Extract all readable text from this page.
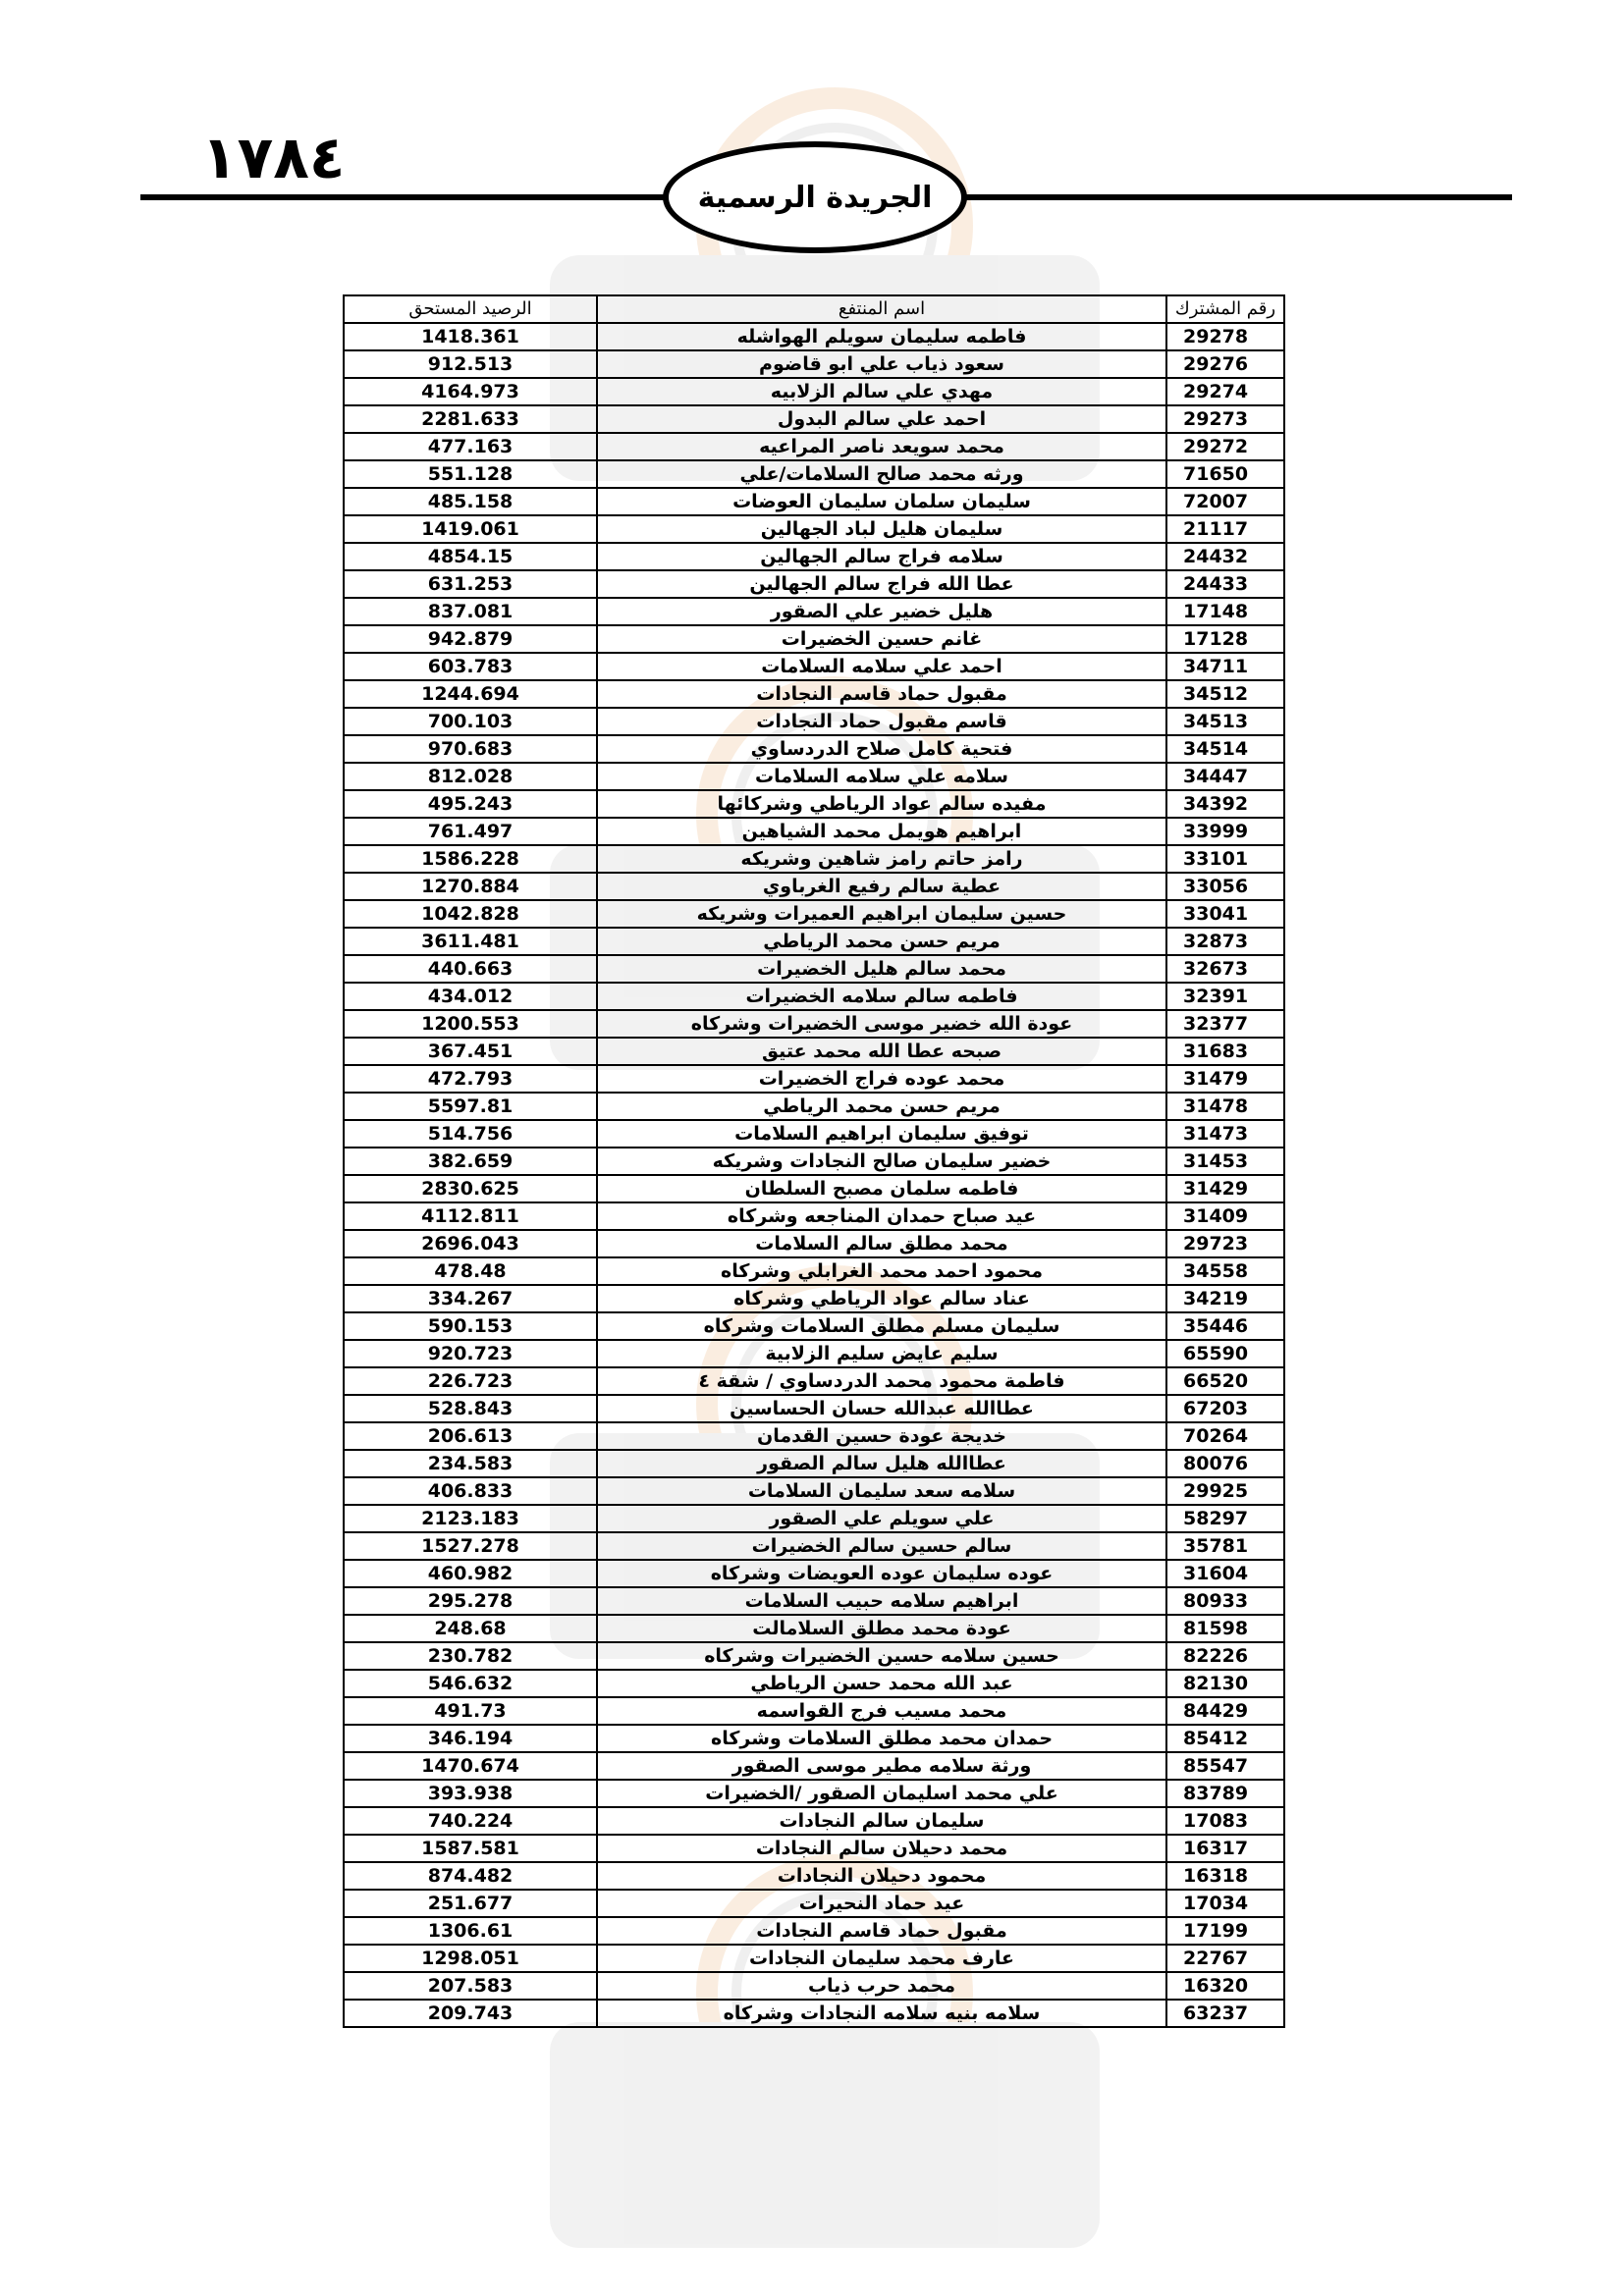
١٧٨٤
الجريدة الرسمية
الرصيد المستحق	اسم المنتفع	رقم المشترك
1418.361	فاطمه سليمان سويلم الهواشله	29278
912.513	سعود ذياب علي ابو قاضوم	29276
4164.973	مهدي علي سالم الزلابيه	29274
2281.633	احمد علي سالم البدول	29273
477.163	محمد سويعد ناصر المراعيه	29272
551.128	ورثه محمد صالح السلامات/علي	71650
485.158	سليمان سلمان سليمان العوضات	72007
1419.061	سليمان هليل لباد الجهالين	21117
4854.15	سلامه فراج سالم الجهالين	24432
631.253	عطا الله فراج سالم الجهالين	24433
837.081	هليل خضير علي الصقور	17148
942.879	غانم حسين الخضيرات	17128
603.783	احمد علي سلامه السلامات	34711
1244.694	مقبول حماد قاسم النجادات	34512
700.103	قاسم مقبول حماد النجادات	34513
970.683	فتحية كامل صلاح الدردساوي	34514
812.028	سلامه علي سلامه السلامات	34447
495.243	مفيده سالم عواد الرياطي وشركائها	34392
761.497	ابراهيم هويمل محمد الشياهين	33999
1586.228	رامز حاتم رامز شاهين وشريكه	33101
1270.884	عطية سالم رفيع الغرباوي	33056
1042.828	حسين سليمان ابراهيم العميرات وشريكه	33041
3611.481	مريم حسن محمد الرياطي	32873
440.663	محمد سالم هليل الخضيرات	32673
434.012	فاطمه سالم سلامه الخضيرات	32391
1200.553	عودة الله خضير موسى الخضيرات وشركاه	32377
367.451	صبحه عطا الله محمد عتيق	31683
472.793	محمد عوده فراج الخضيرات	31479
5597.81	مريم حسن محمد الرياطي	31478
514.756	توفيق سليمان ابراهيم السلامات	31473
382.659	خضير سليمان صالح النجادات وشريكه	31453
2830.625	فاطمه سلمان مصبح السلطان	31429
4112.811	عيد صباح حمدان المناجعه وشركاه	31409
2696.043	محمد مطلق سالم السلامات	29723
478.48	محمود احمد محمد الغرابلي وشركاه	34558
334.267	عناد سالم عواد الرياطي وشركاه	34219
590.153	سليمان مسلم مطلق السلامات وشركاه	35446
920.723	سليم عايض سليم الزلابية	65590
226.723	فاطمة محمود محمد الدردساوي / شقة ٤	66520
528.843	عطاالله عبدالله حسان الحساسين	67203
206.613	خديجة عودة حسين القدمان	70264
234.583	عطاالله هليل سالم الصقور	80076
406.833	سلامه سعد سليمان السلامات	29925
2123.183	علي سويلم علي الصقور	58297
1527.278	سالم حسين سالم الخضيرات	35781
460.982	عوده سليمان عوده العويضات وشركاه	31604
295.278	ابراهيم سلامه حبيب السلامات	80933
248.68	عودة محمد مطلق السلامالت	81598
230.782	حسين سلامه حسين الخضيرات وشركاه	82226
546.632	عبد الله محمد حسن الرياطي	82130
491.73	محمد مسيب فرج القواسمه	84429
346.194	حمدان محمد مطلق السلامات وشركاه	85412
1470.674	ورثة سلامه مطير موسى الصقور	85547
393.938	علي محمد اسليمان الصقور /الخضيرات	83789
740.224	سليمان سالم النجادات	17083
1587.581	محمد دحيلان سالم النجادات	16317
874.482	محمود دحيلان النجادات	16318
251.677	عيد حماد النحيرات	17034
1306.61	مقبول حماد قاسم النجادات	17199
1298.051	عارف محمد سليمان النجادات	22767
207.583	محمد حرب ذياب	16320
209.743	سلامه بنيه سلامه النجادات وشركاه	63237
